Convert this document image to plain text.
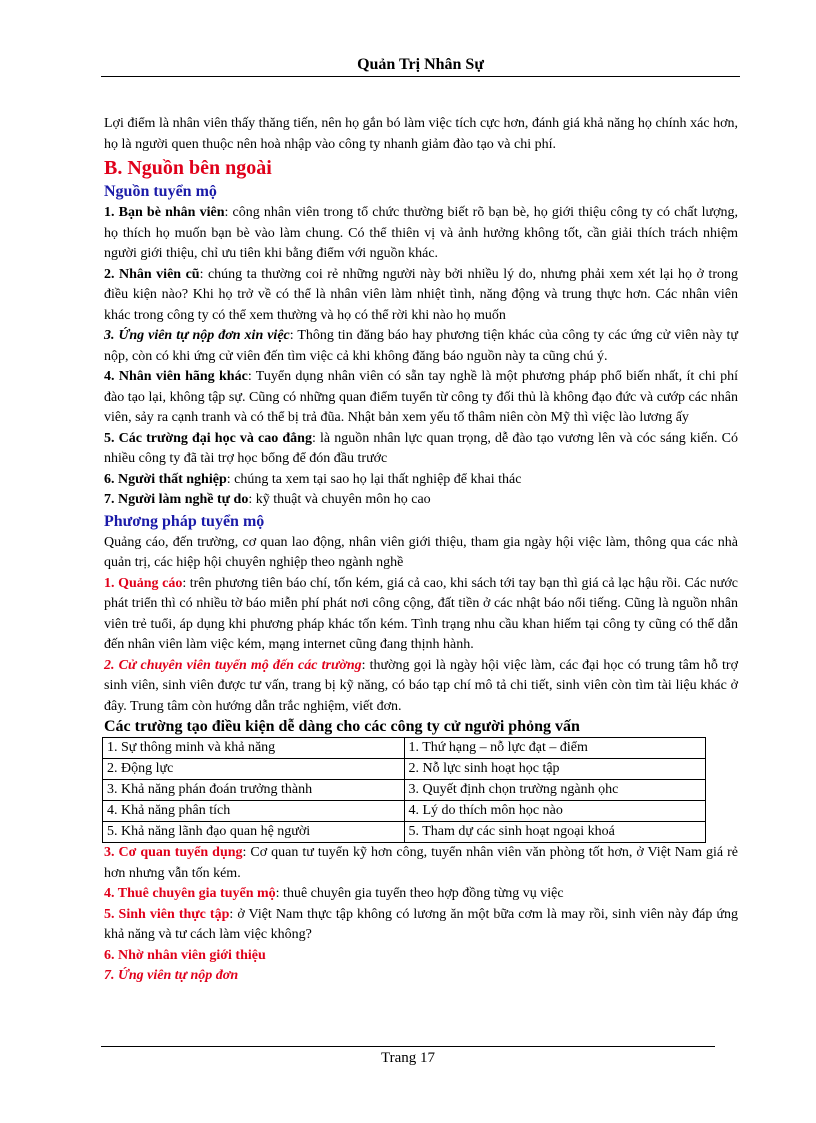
Quản Trị Nhân Sự

Lợi điểm là nhân viên thấy thăng tiến, nên họ gắn bó làm việc tích cực hơn, đánh giá khả năng họ chính xác hơn, họ là người quen thuộc nên hoà nhập vào công ty nhanh giảm đào tạo và chi phí.

B. Nguồn bên ngoài
Nguồn tuyển mộ

1. Bạn bè nhân viên: công nhân viên trong tổ chức thường biết rõ bạn bè, họ giới thiệu công ty có chất lượng, họ thích họ muốn bạn bè vào làm chung. Có thể thiên vị và ảnh hưởng không tốt, cần giải thích trách nhiệm người giới thiệu, chỉ ưu tiên khi bằng điểm với nguồn khác.

2. Nhân viên cũ: chúng ta thường coi rẻ những người này bởi nhiều lý do, nhưng phải xem xét lại họ ở trong điều kiện nào? Khi họ trở về có thể là nhân viên làm nhiệt tình, năng động và trung thực hơn. Các nhân viên khác trong công ty có thể xem thường và họ có thể rời khi nào họ muốn

3. Ứng viên tự nộp đơn xin việc: Thông tin đăng báo hay phương tiện khác của công ty các ứng cử viên này tự nộp, còn có khi ứng cử viên đến tìm việc cả khi không đăng báo nguồn này ta cũng chú ý.

4. Nhân viên hãng khác: Tuyển dụng nhân viên có sẵn tay nghề là một phương pháp phổ biến nhất, ít chi phí đào tạo lại, không tập sự. Cũng có những quan điểm tuyển từ công ty đối thủ là không đạo đức và cướp các nhân viên, sảy ra cạnh tranh và có thể bị trả đũa. Nhật bản xem yếu tố thâm niên còn Mỹ thì việc lào lương ấy

5. Các trường đại học và cao đẳng: là nguồn nhân lực quan trọng, dễ đào tạo vương lên và cóc sáng kiến. Có nhiều công ty đã tài trợ học bổng để đón đầu trước

6. Người thất nghiệp: chúng ta xem tại sao họ lại thất nghiệp để khai thác

7. Người làm nghề tự do: kỹ thuật và chuyên môn họ cao

Phương pháp tuyển mộ

Quảng cáo, đến trường, cơ quan lao động, nhân viên giới thiệu, tham gia ngày hội việc làm, thông qua các nhà quản trị, các hiệp hội chuyên nghiệp theo ngành nghề

1. Quảng cáo: trên phương tiên báo chí, tốn kém, giá cả cao, khi sách tới tay bạn thì giá cả lạc hậu rồi. Các nước phát triển thì có nhiều tờ báo miễn phí phát nơi công cộng, đất tiền ở các nhật báo nổi tiếng. Cũng là nguồn nhân viên trẻ tuổi, áp dụng khi phương pháp khác tốn kém. Tình trạng nhu cầu khan hiếm tại công ty cũng có thể dẫn đến nhân viên làm việc kém, mạng internet cũng đang thịnh hành.

2. Cử chuyên viên tuyển mộ đến các trường: thường gọi là ngày hội việc làm, các đại học có trung tâm hỗ trợ sinh viên, sinh viên được tư vấn, trang bị kỹ năng, có báo tạp chí mô tả chi tiết, sinh viên còn tìm tài liệu khác ở đây. Trung tâm còn hướng dẫn trắc nghiệm, viết đơn.

Các trường tạo điều kiện dễ dàng cho các công ty cử người phỏng vấn
1. Sự thông minh và khả năng	1. Thứ hạng – nỗ lực đạt – điểm
2. Động lực	2. Nỗ lực sinh hoạt học tập
3. Khả năng phán đoán trưởng thành	3. Quyết định chọn trường ngành ọhc
4. Khả năng phân tích	4. Lý do thích môn học nào
5. Khả năng lãnh đạo quan hệ người	5. Tham dự các sinh hoạt ngoại khoá

3. Cơ quan tuyển dụng: Cơ quan tư tuyển kỹ hơn công, tuyển nhân viên văn phòng tốt hơn, ở Việt Nam giá rẻ hơn nhưng vẫn tốn kém.

4. Thuê chuyên gia tuyển mộ: thuê chuyên gia tuyển theo hợp đồng từng vụ việc

5. Sinh viên thực tập: ở Việt Nam thực tập không có lương ăn một bữa cơm là may rồi, sinh viên này đáp ứng khả năng và tư cách làm việc không?

6. Nhờ nhân viên giới thiệu

7. Ứng viên tự nộp đơn

Trang 17
